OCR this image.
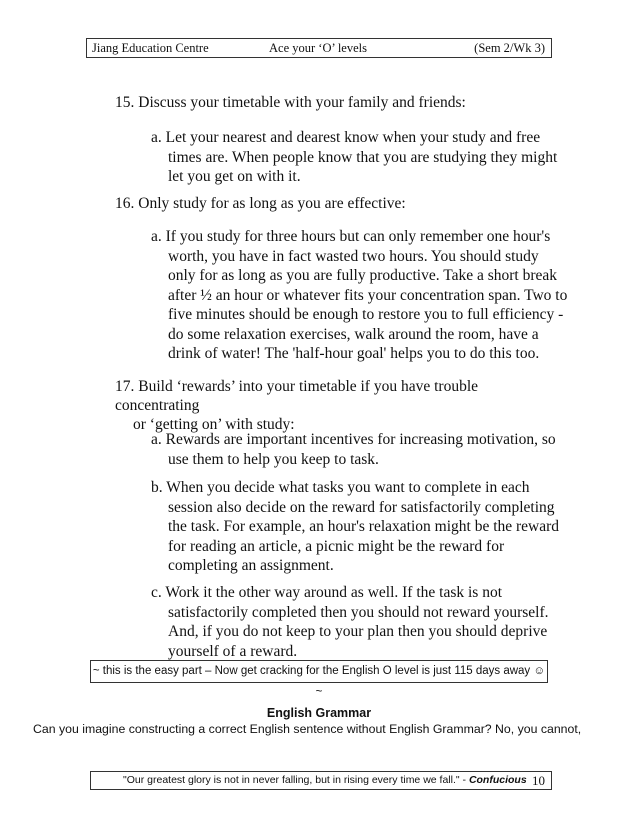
Jiang Education Centre	Ace your ‘O’ levels	(Sem 2/Wk 3)
15. Discuss your timetable with your family and friends:
a. Let your nearest and dearest know when your study and free times are. When people know that you are studying they might let you get on with it.
16. Only study for as long as you are effective:
a. If you study for three hours but can only remember one hour's worth, you have in fact wasted two hours. You should study only for as long as you are fully productive. Take a short break after ½ an hour or whatever fits your concentration span. Two to five minutes should be enough to restore you to full efficiency - do some relaxation exercises, walk around the room, have a drink of water! The 'half-hour goal' helps you to do this too.
17. Build ‘rewards’ into your timetable if you have trouble concentrating
or ‘getting on’ with study:
a. Rewards are important incentives for increasing motivation, so use them to help you keep to task.
b. When you decide what tasks you want to complete in each session also decide on the reward for satisfactorily completing the task. For example, an hour's relaxation might be the reward for reading an article, a picnic might be the reward for completing an assignment.
c. Work it the other way around as well. If the task is not satisfactorily completed then you should not reward yourself. And, if you do not keep to your plan then you should deprive yourself of a reward.
~ this is the easy part – Now get cracking for the English O level is just 115 days away ☺ ~
English Grammar
Can you imagine constructing a correct English sentence without English Grammar? No, you cannot,
"Our greatest glory is not in never falling, but in rising every time we fall." - Confucious 10
